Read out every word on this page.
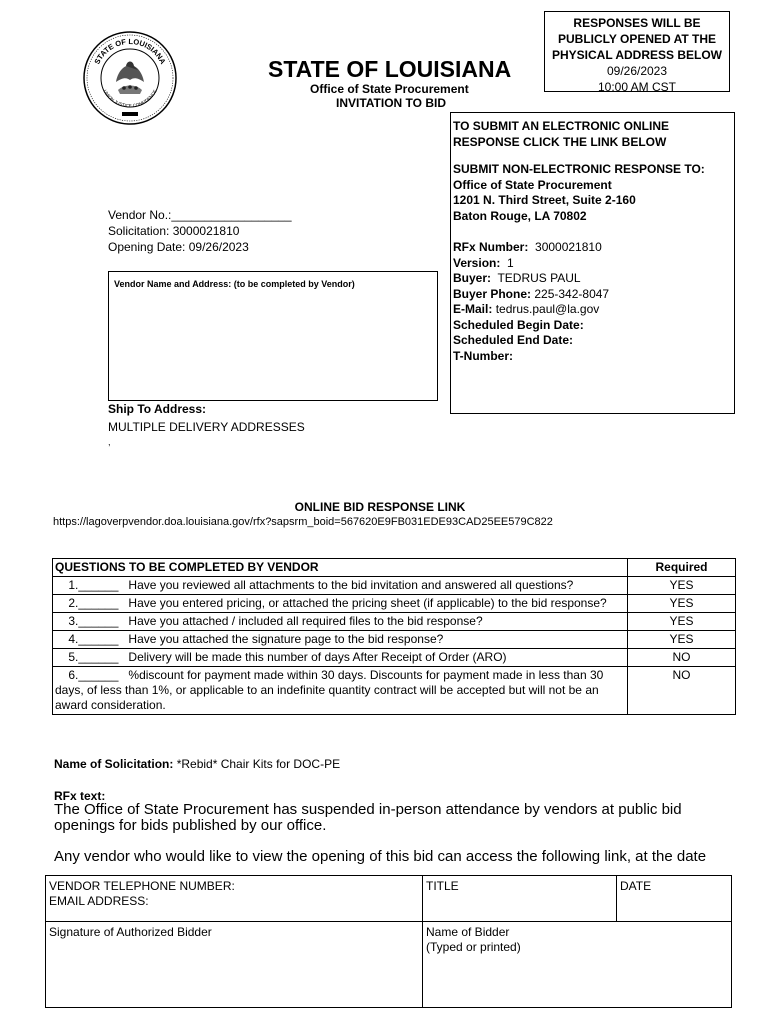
STATE OF LOUISIANA
UNION JUSTICE CONFIDENCE
STATE OF LOUISIANA
Office of State Procurement
INVITATION TO BID
RESPONSES WILL BE
PUBLICLY OPENED AT THE
PHYSICAL ADDRESS BELOW
09/26/2023
10:00 AM CST
TO SUBMIT AN ELECTRONIC ONLINE
RESPONSE CLICK THE LINK BELOW
SUBMIT NON-ELECTRONIC RESPONSE TO:
Office of State Procurement
1201 N. Third Street, Suite 2-160
Baton Rouge, LA 70802
RFx Number: 3000021810
Version: 1
Buyer: TEDRUS PAUL
Buyer Phone: 225-342-8047
E-Mail: tedrus.paul@la.gov
Scheduled Begin Date:
Scheduled End Date:
T-Number:
Vendor No.:__________________
Solicitation: 3000021810
Opening Date: 09/26/2023
Vendor Name and Address: (to be completed by Vendor)
Ship To Address:
MULTIPLE DELIVERY ADDRESSES
,
ONLINE BID RESPONSE LINK
https://lagoverpvendor.doa.louisiana.gov/rfx?sapsrm_boid=567620E9FB031EDE93CAD25EE579C822
QUESTIONS TO BE COMPLETED BY VENDOR	Required
1.______   Have you reviewed all attachments to the bid invitation and answered all questions?	YES
2.______   Have you entered pricing, or attached the pricing sheet (if applicable) to the bid response?	YES
3.______   Have you attached / included all required files to the bid response?	YES
4.______   Have you attached the signature page to the bid response?	YES
5.______   Delivery will be made this number of days After Receipt of Order (ARO)	NO
6.______   %discount for payment made within 30 days. Discounts for payment made in less than 30 days, of less than 1%, or applicable to an indefinite quantity contract will be accepted but will not be an award consideration.	NO
Name of Solicitation: *Rebid* Chair Kits for DOC-PE
RFx text:
The Office of State Procurement has suspended in-person attendance by vendors at public bid openings for bids published by our office.
Any vendor who would like to view the opening of this bid can access the following link, at the date
VENDOR TELEPHONE NUMBER:
EMAIL ADDRESS:	TITLE	DATE

Signature of Authorized Bidder	Name of Bidder
(Typed or printed)	
